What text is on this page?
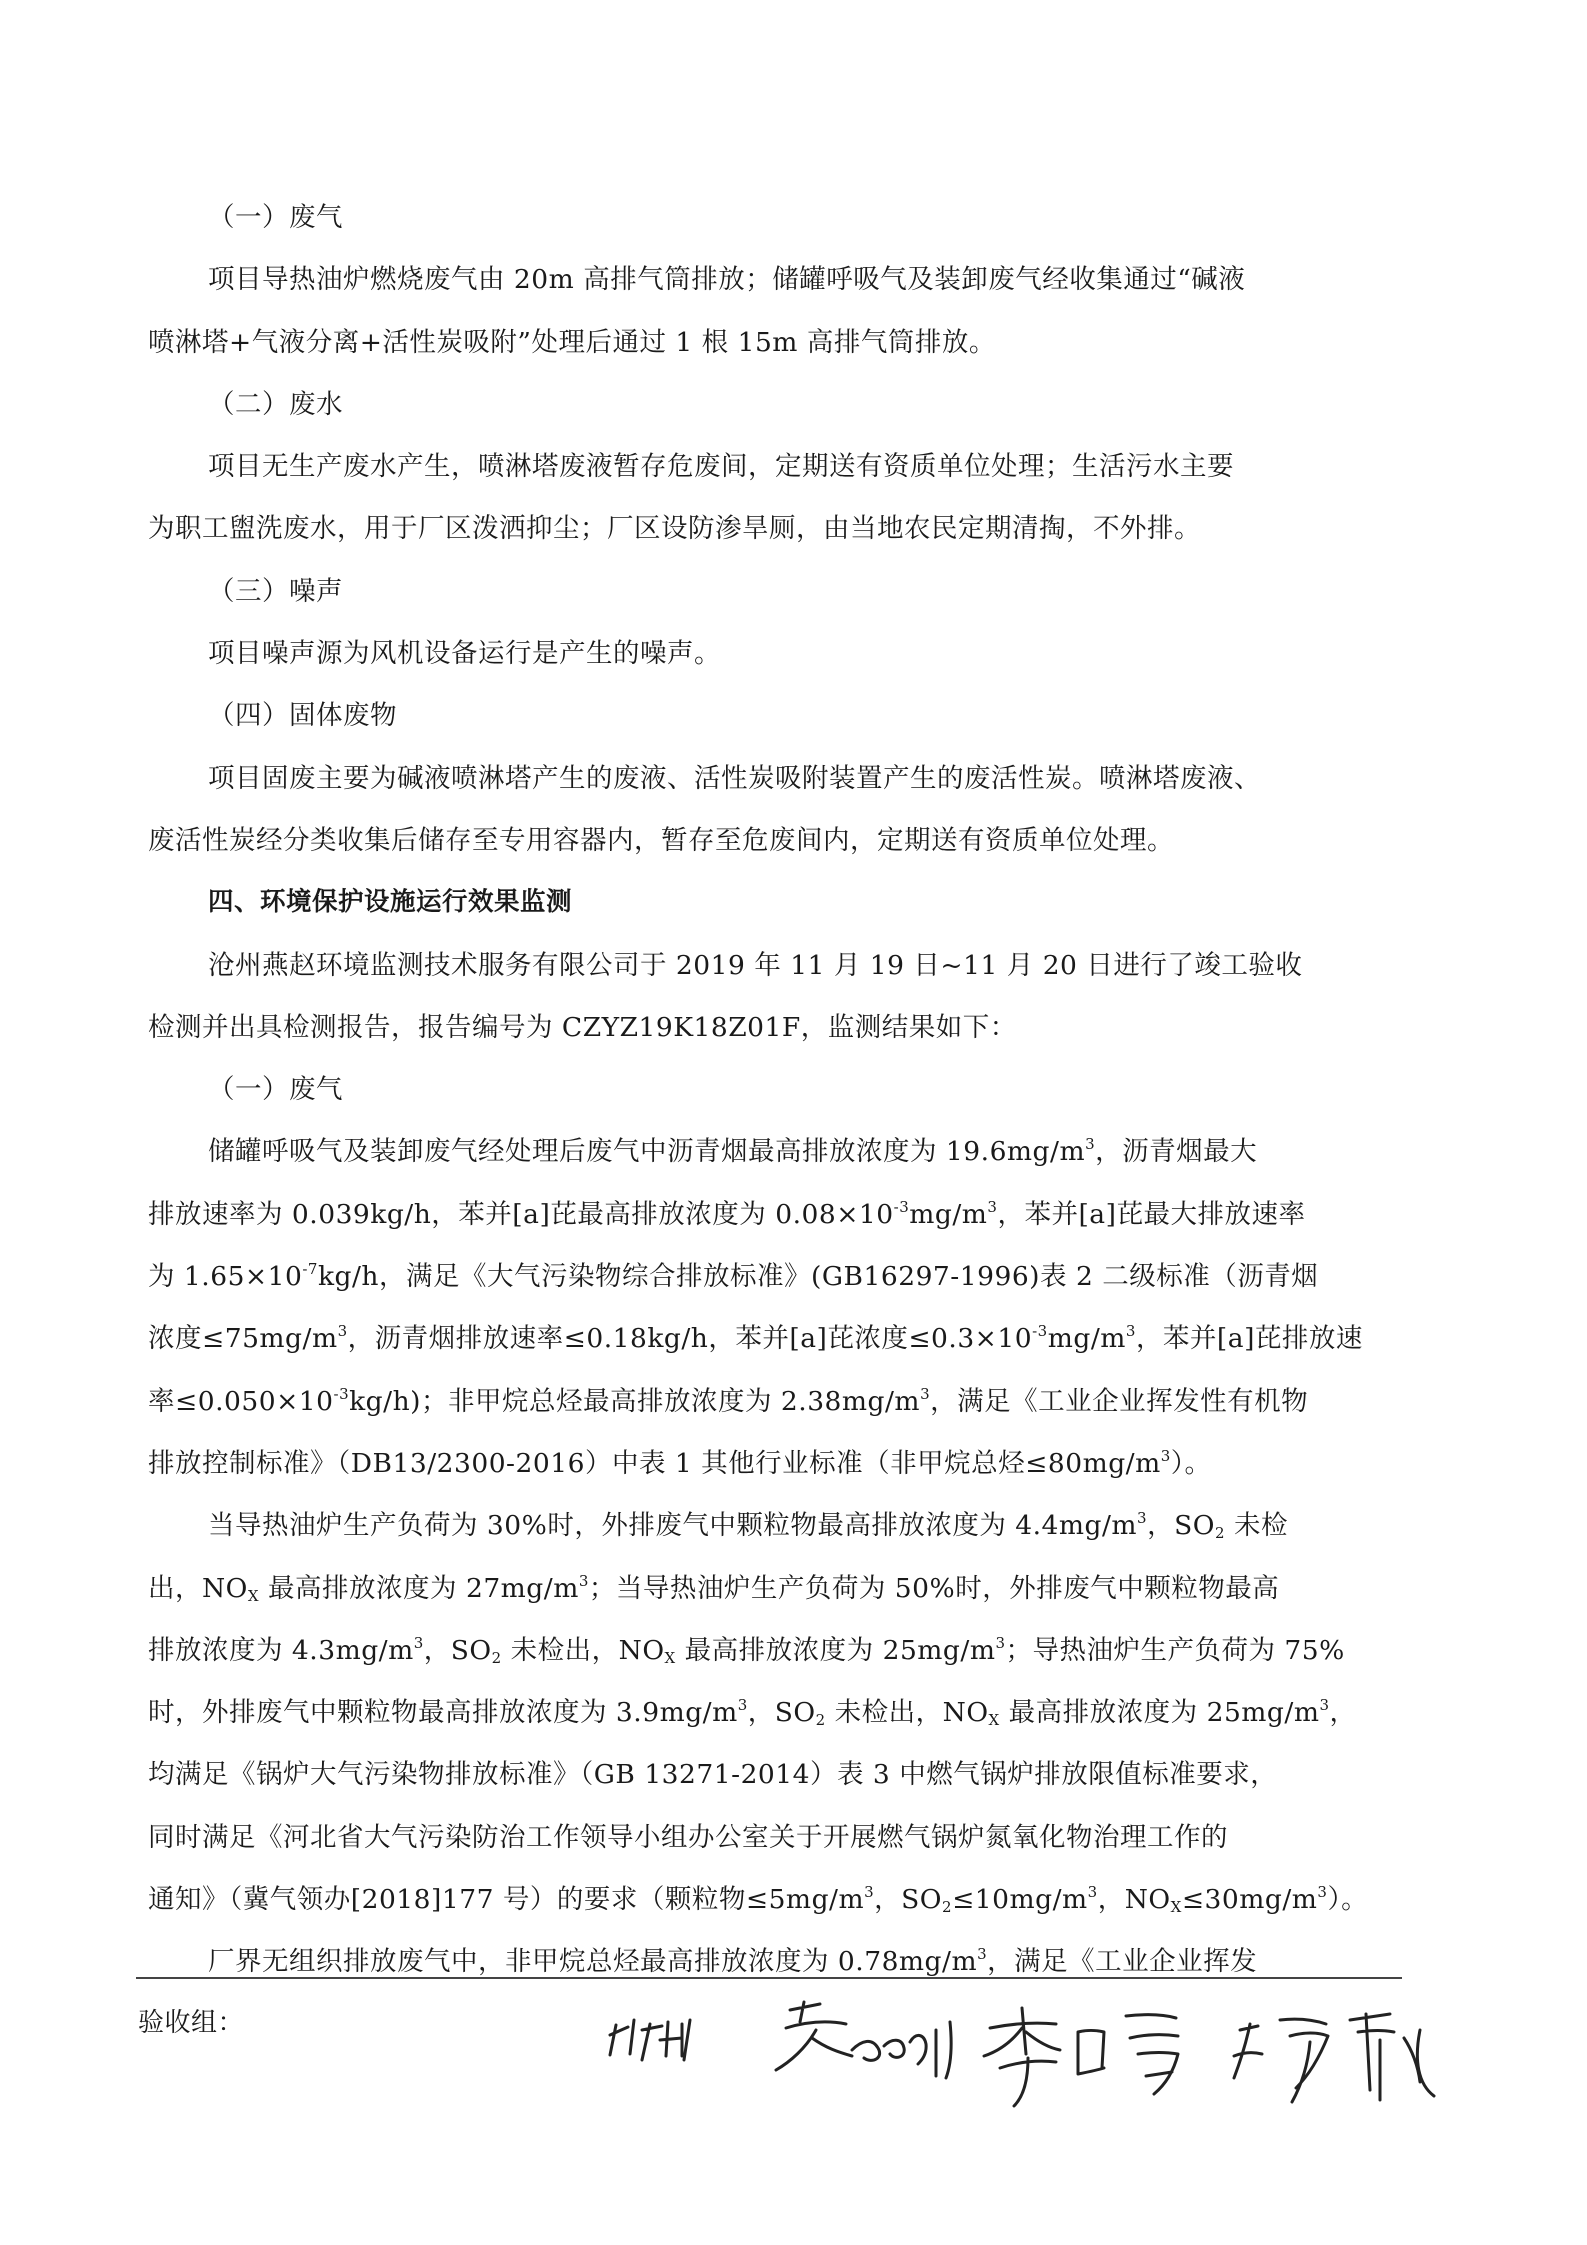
（一）废气
项目导热油炉燃烧废气由 20m 高排气筒排放；储罐呼吸气及装卸废气经收集通过“碱液
喷淋塔+气液分离+活性炭吸附”处理后通过 1 根 15m 高排气筒排放。
（二）废水
项目无生产废水产生，喷淋塔废液暂存危废间，定期送有资质单位处理；生活污水主要
为职工盥洗废水，用于厂区泼洒抑尘；厂区设防渗旱厕，由当地农民定期清掏，不外排。
（三）噪声
项目噪声源为风机设备运行是产生的噪声。
（四）固体废物
项目固废主要为碱液喷淋塔产生的废液、活性炭吸附装置产生的废活性炭。喷淋塔废液、
废活性炭经分类收集后储存至专用容器内，暂存至危废间内，定期送有资质单位处理。
四、环境保护设施运行效果监测
沧州燕赵环境监测技术服务有限公司于 2019 年 11 月 19 日~11 月 20 日进行了竣工验收
检测并出具检测报告，报告编号为 CZYZ19K18Z01F，监测结果如下：
（一）废气
储罐呼吸气及装卸废气经处理后废气中沥青烟最高排放浓度为 $19.6mg/m^3$，沥青烟最大
排放速率为 0.039kg/h，苯并[a]芘最高排放浓度为 $0.08\times 10^{-3}mg/m^3$，苯并[a]芘最大排放速率
为 $1.65\times 10^{-7}kg/h$，满足《大气污染物综合排放标准》(GB16297-1996)表 2 二级标准（沥青烟
浓度$\le 75mg/m^3$，沥青烟排放速率≤0.18kg/h，苯并[a]芘浓度$\le 0.3\times 10^{-3}mg/m^3$，苯并[a]芘排放速
率$\le 0.050\times 10^{-3}kg/h$)；非甲烷总烃最高排放浓度为 $2.38mg/m^3$，满足《工业企业挥发性有机物
排放控制标准》（DB13/2300-2016）中表 1 其他行业标准（非甲烷总烃$\le 80mg/m^3$）。
当导热油炉生产负荷为 30%时，外排废气中颗粒物最高排放浓度为 $4.4mg/m^3$，$SO_2$ 未检
出，$NO_X$ 最高排放浓度为 $27mg/m^3$；当导热油炉生产负荷为 50%时，外排废气中颗粒物最高
排放浓度为 $4.3mg/m^3$，$SO_2$ 未检出，$NO_X$ 最高排放浓度为 $25mg/m^3$；导热油炉生产负荷为 75%
时，外排废气中颗粒物最高排放浓度为 $3.9mg/m^3$，$SO_2$ 未检出，$NO_X$ 最高排放浓度为 $25mg/m^3$，
均满足《锅炉大气污染物排放标准》（GB 13271-2014）表 3 中燃气锅炉排放限值标准要求，
同时满足《河北省大气污染防治工作领导小组办公室关于开展燃气锅炉氮氧化物治理工作的
通知》（冀气领办[2018]177 号）的要求（颗粒物$\le 5mg/m^3$，$SO_2\le 10mg/m^3$，$NO_X\le 30mg/m^3$）。
厂界无组织排放废气中，非甲烷总烃最高排放浓度为 $0.78mg/m^3$，满足《工业企业挥发
验收组：
